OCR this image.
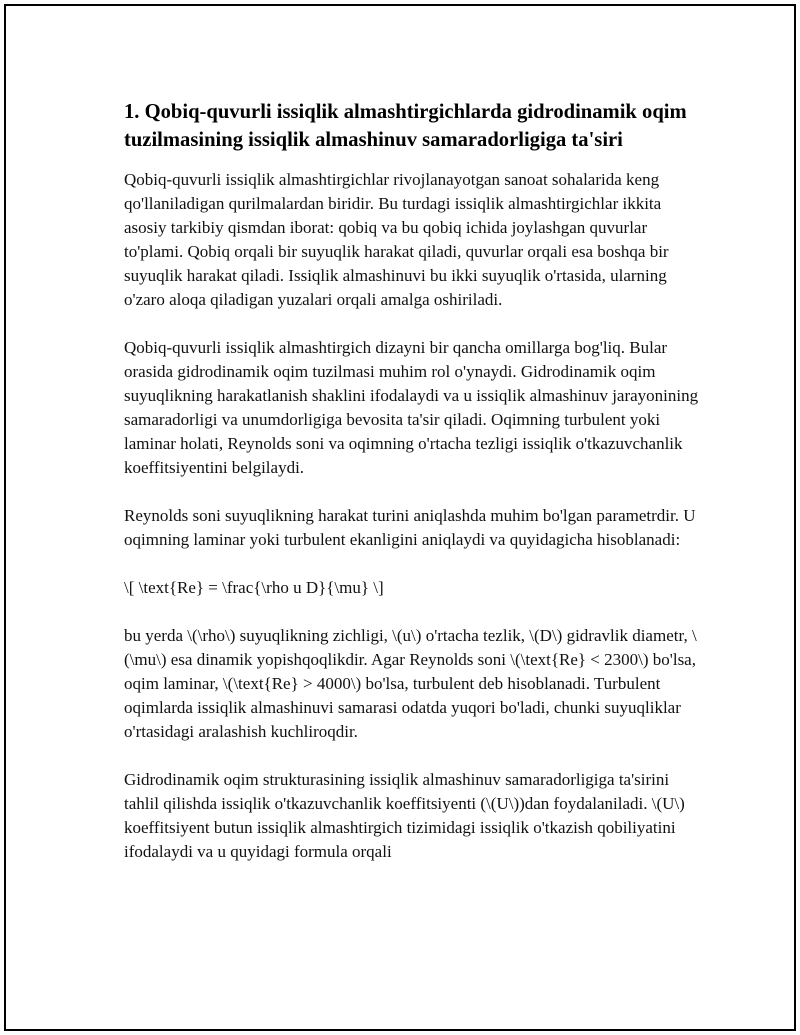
1. Qobiq-quvurli issiqlik almashtirgichlarda gidrodinamik oqim tuzilmasining issiqlik almashinuv samaradorligiga ta'siri

Qobiq-quvurli issiqlik almashtirgichlar rivojlanayotgan sanoat sohalarida keng qo'llaniladigan qurilmalardan biridir. Bu turdagi issiqlik almashtirgichlar ikkita asosiy tarkibiy qismdan iborat: qobiq va bu qobiq ichida joylashgan quvurlar to'plami. Qobiq orqali bir suyuqlik harakat qiladi, quvurlar orqali esa boshqa bir suyuqlik harakat qiladi. Issiqlik almashinuvi bu ikki suyuqlik o'rtasida, ularning o'zaro aloqa qiladigan yuzalari orqali amalga oshiriladi.

Qobiq-quvurli issiqlik almashtirgich dizayni bir qancha omillarga bog'liq. Bular orasida gidrodinamik oqim tuzilmasi muhim rol o'ynaydi. Gidrodinamik oqim suyuqlikning harakatlanish shaklini ifodalaydi va u issiqlik almashinuv jarayonining samaradorligi va unumdorligiga bevosita ta'sir qiladi. Oqimning turbulent yoki laminar holati, Reynolds soni va oqimning o'rtacha tezligi issiqlik o'tkazuvchanlik koeffitsiyentini belgilaydi.

Reynolds soni suyuqlikning harakat turini aniqlashda muhim bo'lgan parametrdir. U oqimning laminar yoki turbulent ekanligini aniqlaydi va quyidagicha hisoblanadi:

\[ \text{Re} = \frac{\rho u D}{\mu} \]

bu yerda \(\rho\) suyuqlikning zichligi, \(u\) o'rtacha tezlik, \(D\) gidravlik diametr, \(\mu\) esa dinamik yopishqoqlikdir. Agar Reynolds soni \(\text{Re} < 2300\) bo'lsa, oqim laminar, \(\text{Re} > 4000\) bo'lsa, turbulent deb hisoblanadi. Turbulent oqimlarda issiqlik almashinuvi samarasi odatda yuqori bo'ladi, chunki suyuqliklar o'rtasidagi aralashish kuchliroqdir.

Gidrodinamik oqim strukturasining issiqlik almashinuv samaradorligiga ta'sirini tahlil qilishda issiqlik o'tkazuvchanlik koeffitsiyenti (\(U\))dan foydalaniladi. \(U\) koeffitsiyent butun issiqlik almashtirgich tizimidagi issiqlik o'tkazish qobiliyatini ifodalaydi va u quyidagi formula orqali
